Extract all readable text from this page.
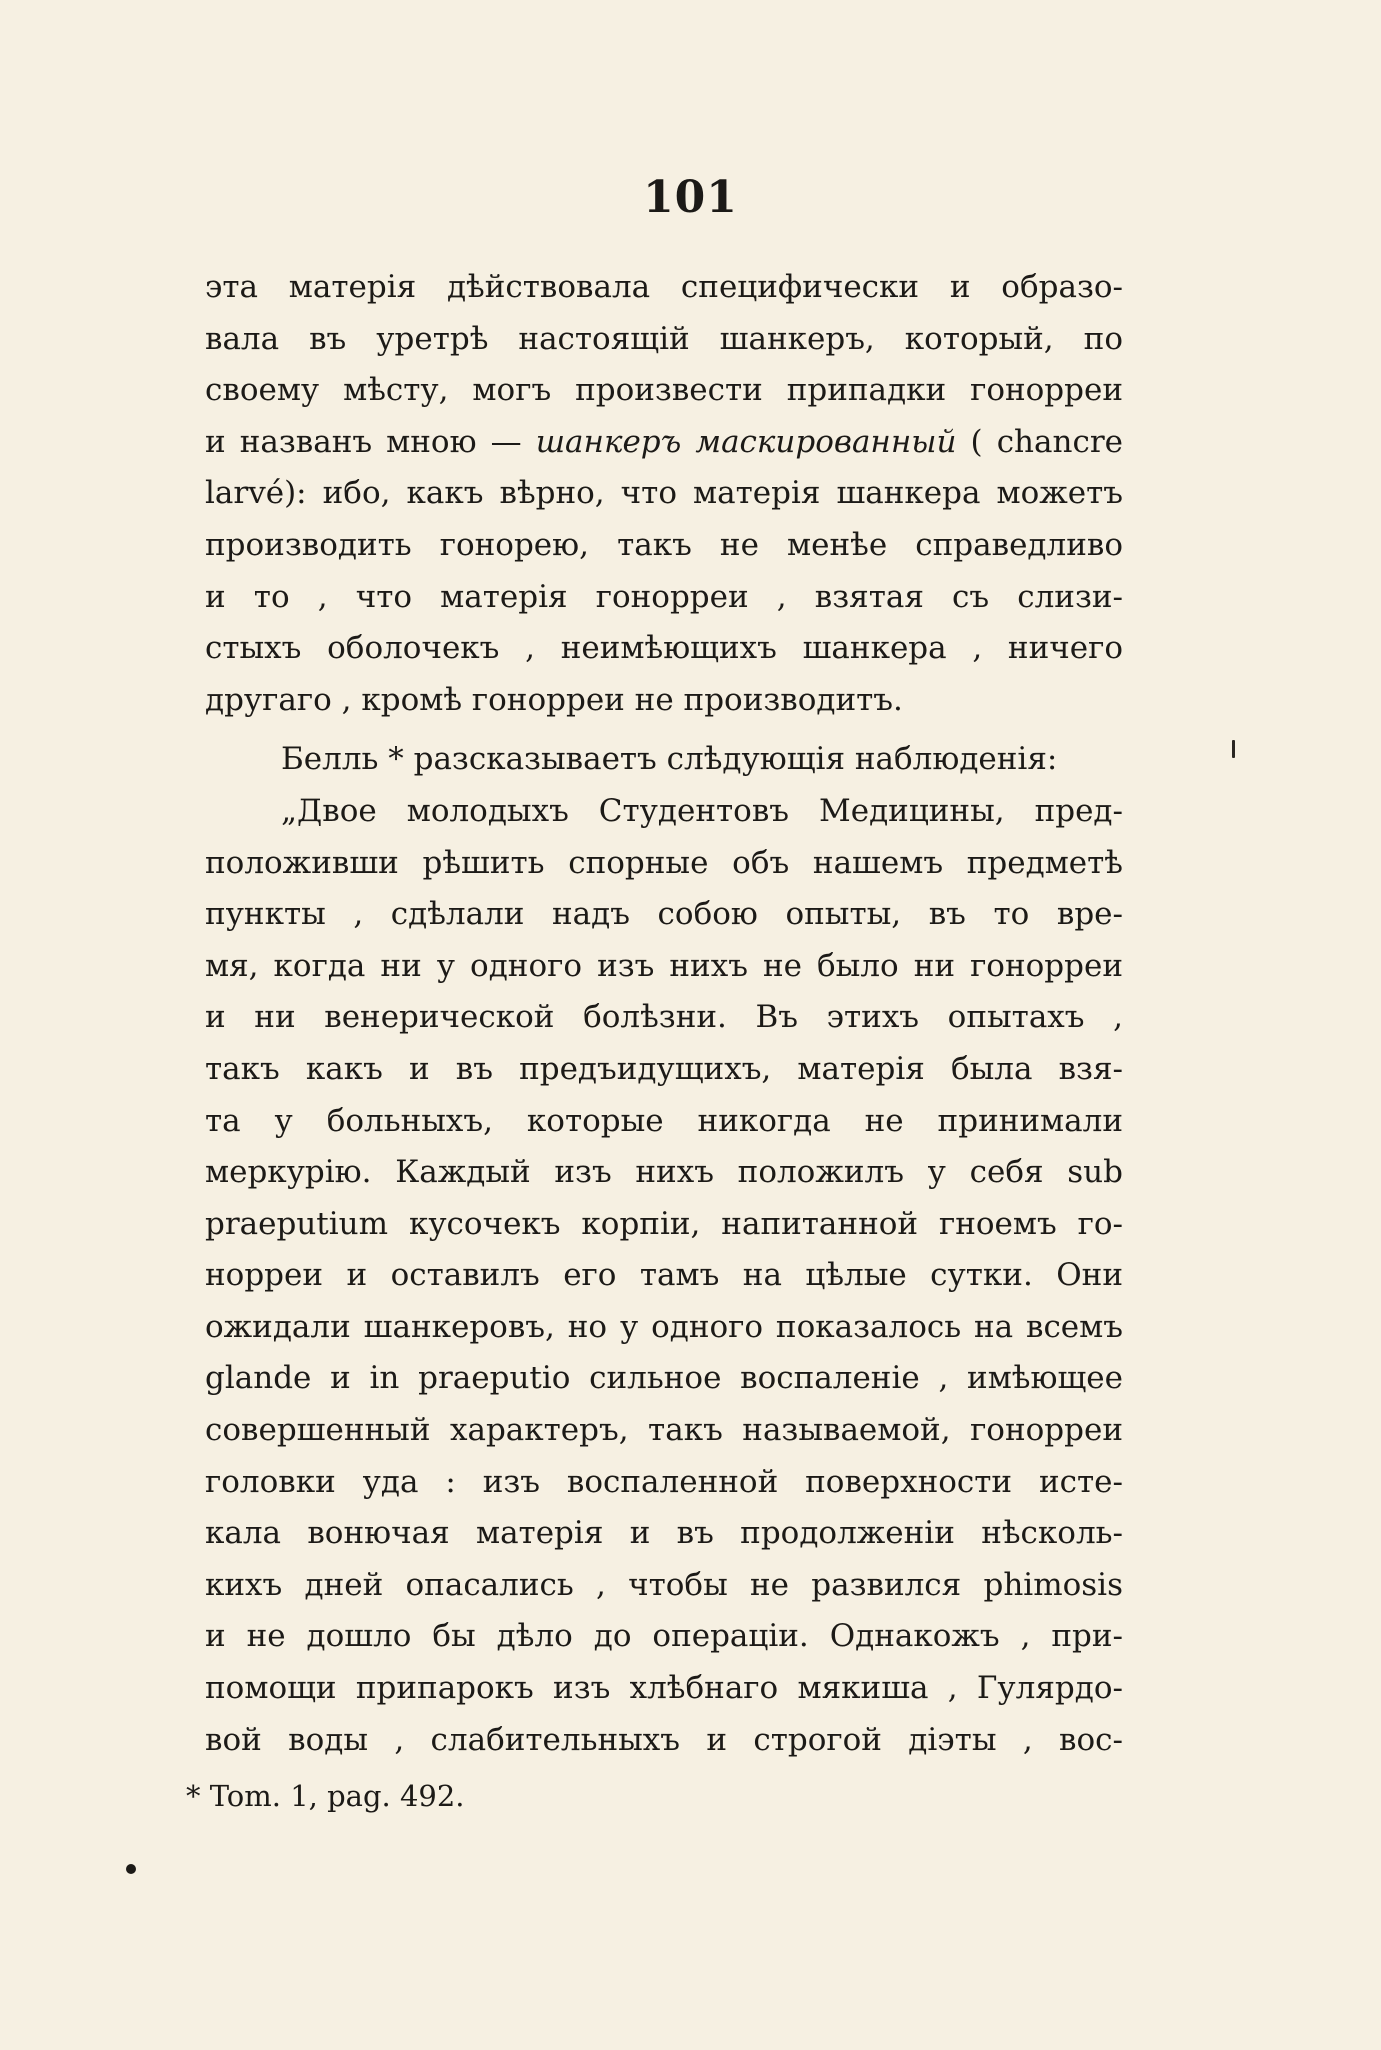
101
эта матерія дѣйствовала специфически и образо-
вала въ уретрѣ настоящій шанкеръ, который, по
своему мѣсту, могъ произвести припадки гонорреи
и названъ мною — шанкеръ маскированный ( chancre
larvé): ибо, какъ вѣрно, что матерія шанкера можетъ
производить гонорею, такъ не менѣе справедливо
и то , что матерія гонорреи , взятая съ слизи-
стыхъ оболочекъ , неимѣющихъ шанкера , ничего
другаго , кромѣ гонорреи не производитъ.
Белль * разсказываетъ слѣдующія наблюденія:
„Двое молодыхъ Студентовъ Медицины, пред-
положивши рѣшить спорные объ нашемъ предметѣ
пункты , сдѣлали надъ собою опыты, въ то вре-
мя, когда ни у одного изъ нихъ не было ни гонорреи
и ни венерической болѣзни. Въ этихъ опытахъ ,
такъ какъ и въ предъидущихъ, матерія была взя-
та у больныхъ, которые никогда не принимали
меркурію. Каждый изъ нихъ положилъ у себя sub
praeputium кусочекъ корпіи, напитанной гноемъ го-
норреи и оставилъ его тамъ на цѣлые сутки. Они
ожидали шанкеровъ, но у одного показалось на всемъ
glande и in praeputio сильное воспаленіе , имѣющее
совершенный характеръ, такъ называемой, гонорреи
головки уда : изъ воспаленной поверхности исте-
кала вонючая матерія и въ продолженіи нѣсколь-
кихъ дней опасались , чтобы не развился phimosis
и не дошло бы дѣло до операціи. Однакожъ , при-
помощи припарокъ изъ хлѣбнаго мякиша , Гулярдо-
вой воды , слабительныхъ и строгой діэты , вос-
* Tom. 1, pag. 492.
